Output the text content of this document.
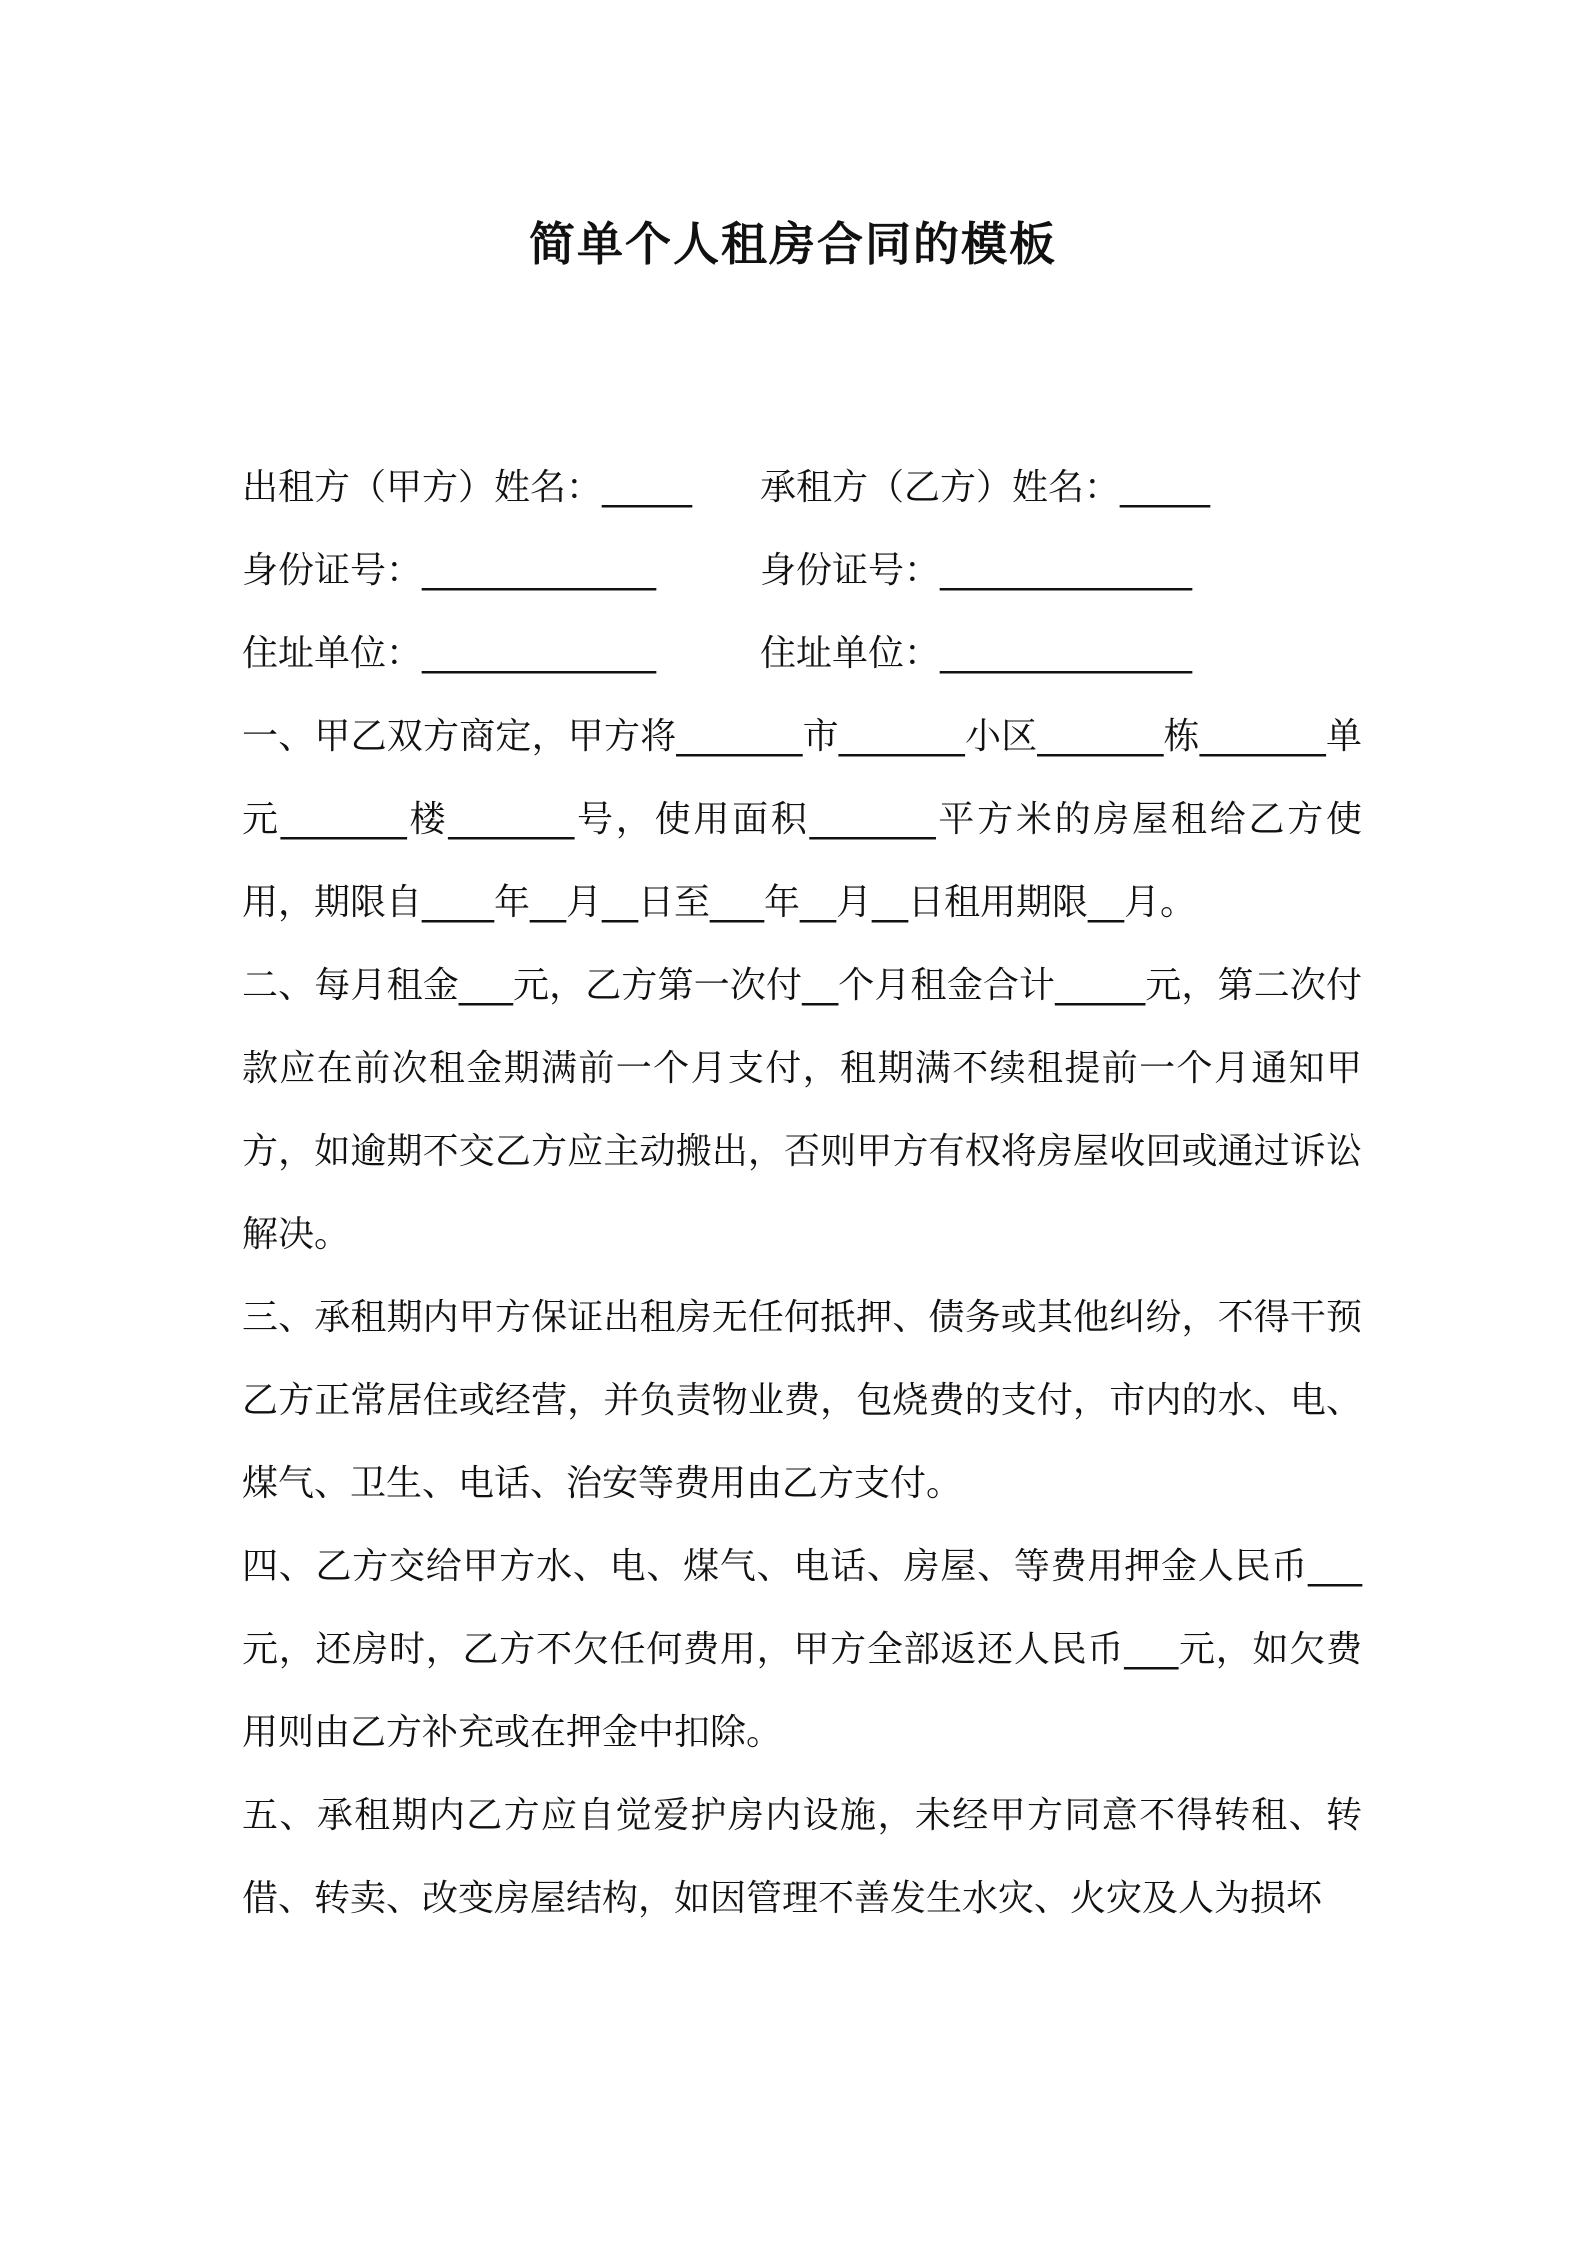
简单个人租房合同的模板
出租方（甲方）姓名：_____	承租方（乙方）姓名：_____
身份证号：_____________	身份证号：______________
住址单位：_____________	住址单位：______________

一、甲乙双方商定，甲方将_______市_______小区_______栋_______单元_______楼_______号，使用面积_______平方米的房屋租给乙方使用，期限自____年__月__日至___年__月__日租用期限__月。

二、每月租金___元，乙方第一次付__个月租金合计_____元，第二次付款应在前次租金期满前一个月支付，租期满不续租提前一个月通知甲方，如逾期不交乙方应主动搬出，否则甲方有权将房屋收回或通过诉讼解决。

三、承租期内甲方保证出租房无任何抵押、债务或其他纠纷，不得干预乙方正常居住或经营，并负责物业费，包烧费的支付，市内的水、电、煤气、卫生、电话、治安等费用由乙方支付。

四、乙方交给甲方水、电、煤气、电话、房屋、等费用押金人民币___元，还房时，乙方不欠任何费用，甲方全部返还人民币___元，如欠费用则由乙方补充或在押金中扣除。

五、承租期内乙方应自觉爱护房内设施，未经甲方同意不得转租、转借、转卖、改变房屋结构，如因管理不善发生水灾、火灾及人为损坏
